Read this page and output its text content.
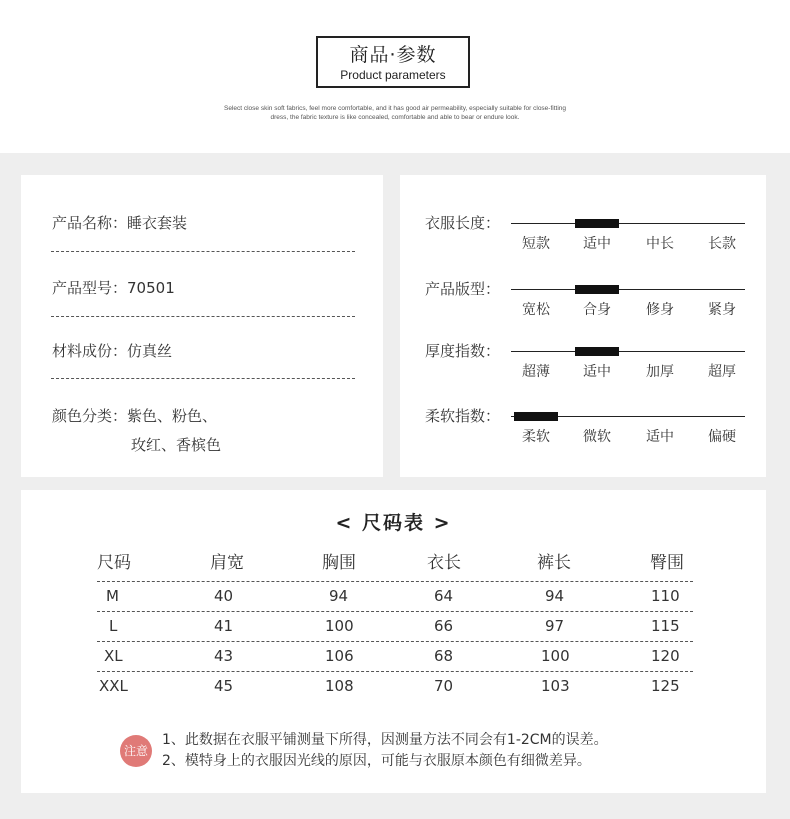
商品·参数
Product parameters
Select close skin soft fabrics, feel more comfortable, and it has good air permeability, especially suitable for close-fitting
dress, the fabric texture is like concealed, comfortable and able to bear or endure look.
产品名称：睡衣套装
产品型号：70501
材料成份：仿真丝
颜色分类：紫色、粉色、
玫红、香槟色
衣服长度：
短款	适中	中长	长款
产品版型：
宽松	合身	修身	紧身
厚度指数：
超薄	适中	加厚	超厚
柔软指数：
柔软	微软	适中	偏硬
< 尺码表 >
尺码	肩宽	胸围	衣长	裤长	臀围
M	40	94	64	94	110
L	41	100	66	97	115
XL	43	106	68	100	120
XXL	45	108	70	103	125
注意
1、此数据在衣服平铺测量下所得，因测量方法不同会有1-2CM的误差。
2、模特身上的衣服因光线的原因，可能与衣服原本颜色有细微差异。
